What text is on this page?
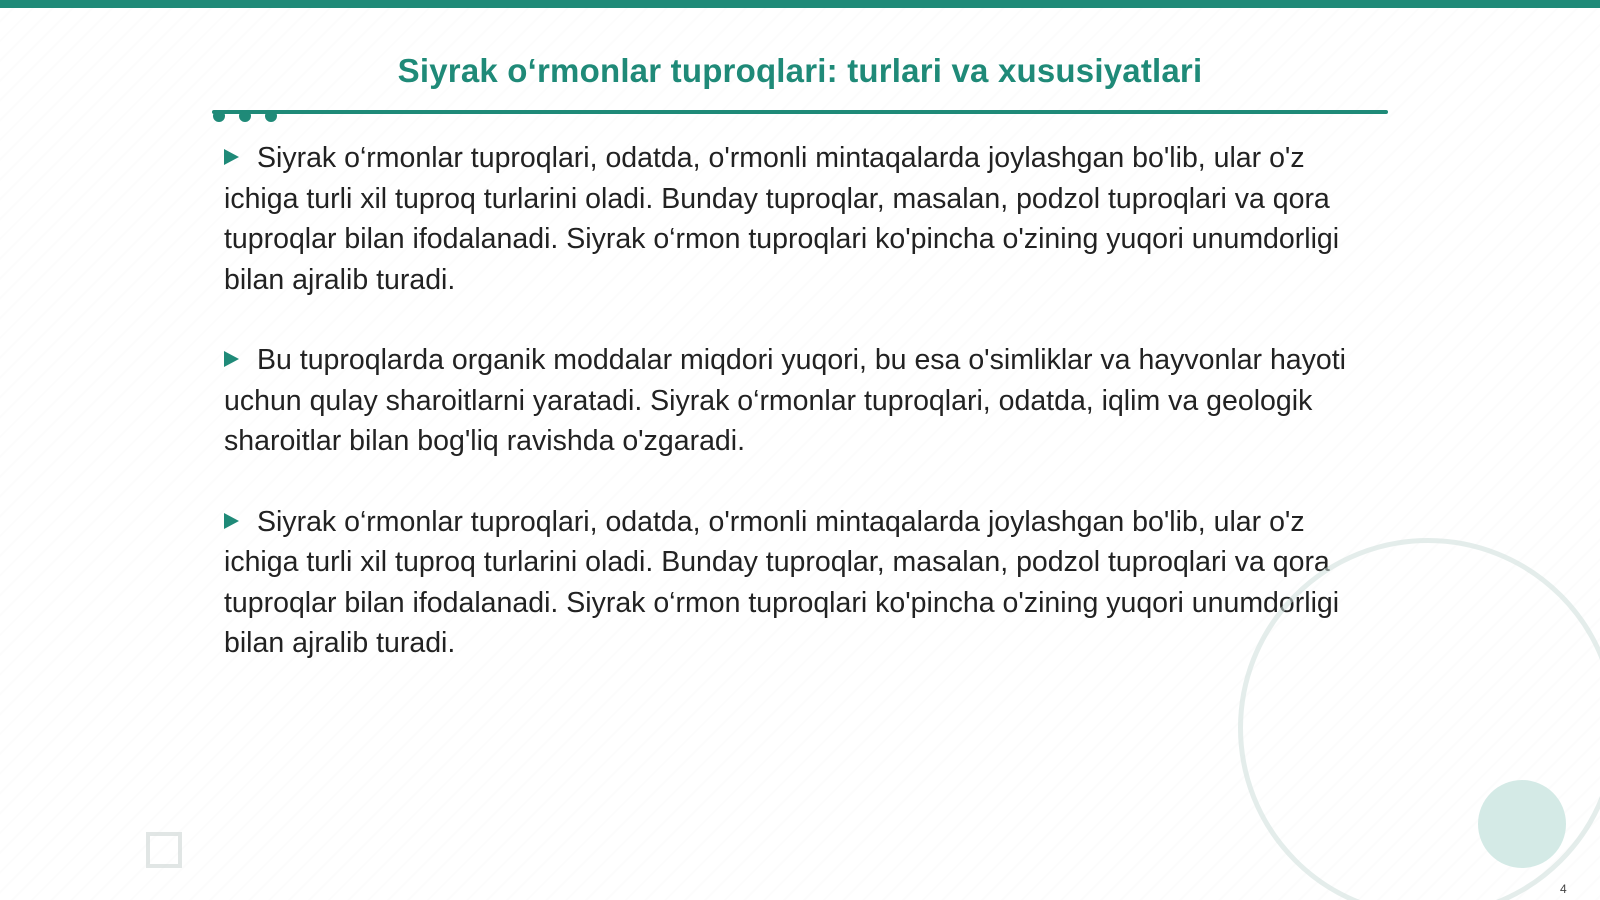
Siyrak o‘rmonlar tuproqlari: turlari va xususiyatlari

Siyrak o‘rmonlar tuproqlari, odatda, o'rmonli mintaqalarda joylashgan bo'lib, ular o'z ichiga turli xil tuproq turlarini oladi. Bunday tuproqlar, masalan, podzol tuproqlari va qora tuproqlar bilan ifodalanadi. Siyrak o‘rmon tuproqlari ko'pincha o'zining yuqori unumdorligi bilan ajralib turadi.

Bu tuproqlarda organik moddalar miqdori yuqori, bu esa o'simliklar va hayvonlar hayoti uchun qulay sharoitlarni yaratadi. Siyrak o‘rmonlar tuproqlari, odatda, iqlim va geologik sharoitlar bilan bog'liq ravishda o'zgaradi.

Siyrak o‘rmonlar tuproqlari, odatda, o'rmonli mintaqalarda joylashgan bo'lib, ular o'z ichiga turli xil tuproq turlarini oladi. Bunday tuproqlar, masalan, podzol tuproqlari va qora tuproqlar bilan ifodalanadi. Siyrak o‘rmon tuproqlari ko'pincha o'zining yuqori unumdorligi bilan ajralib turadi.

4
